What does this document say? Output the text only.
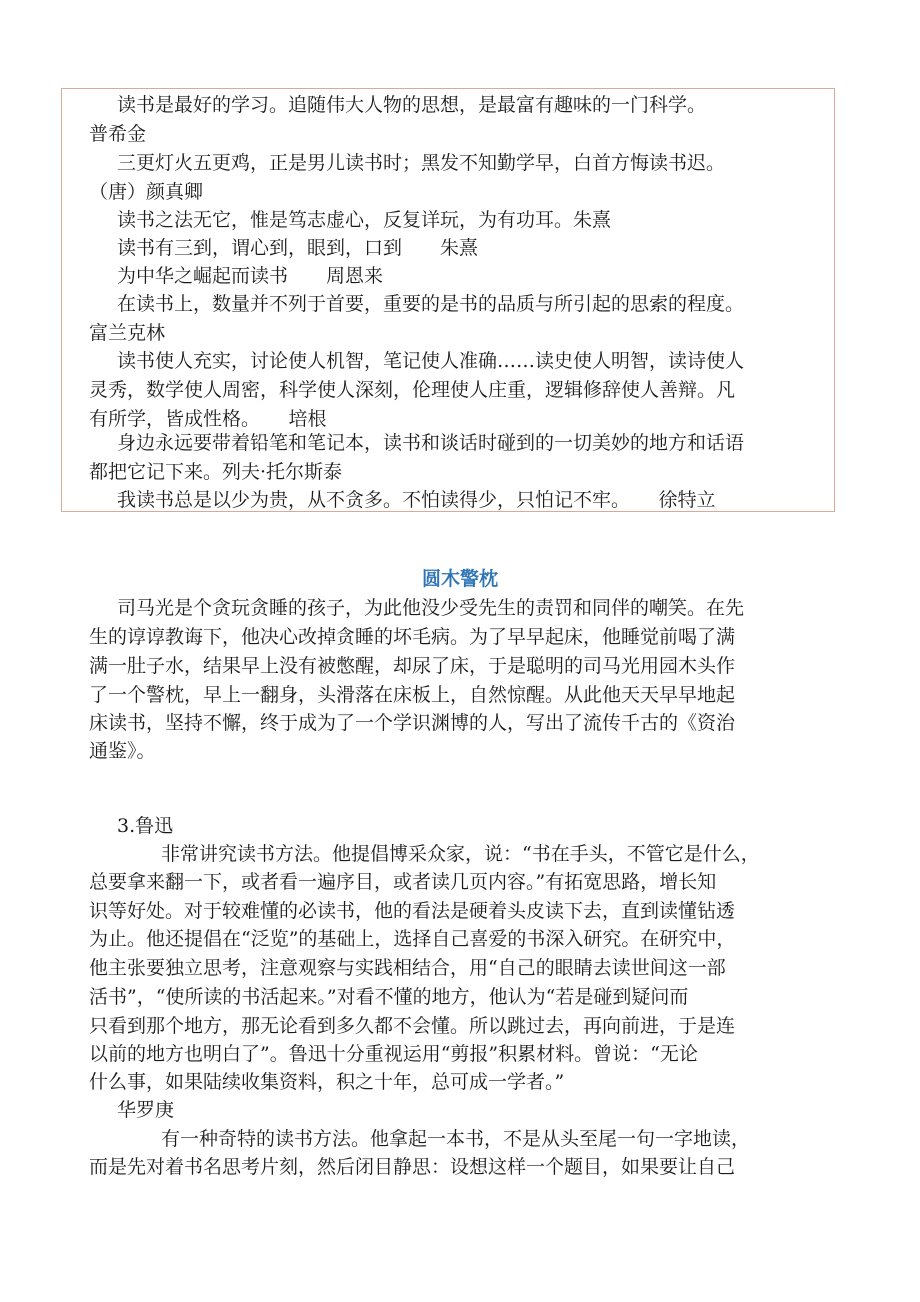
读书是最好的学习。追随伟大人物的思想，是最富有趣味的一门科学。

普希金

三更灯火五更鸡，正是男儿读书时；黑发不知勤学早，白首方悔读书迟。

（唐）颜真卿

读书之法无它，惟是笃志虚心，反复详玩，为有功耳。朱熹

读书有三到，谓心到，眼到，口到　　朱熹

为中华之崛起而读书　　周恩来

在读书上，数量并不列于首要，重要的是书的品质与所引起的思索的程度。

富兰克林

读书使人充实，讨论使人机智，笔记使人准确……读史使人明智，读诗使人

灵秀，数学使人周密，科学使人深刻，伦理使人庄重，逻辑修辞使人善辩。凡

有所学，皆成性格。　　培根

身边永远要带着铅笔和笔记本，读书和谈话时碰到的一切美妙的地方和话语

都把它记下来。列夫·托尔斯泰

我读书总是以少为贵，从不贪多。不怕读得少，只怕记不牢。　　徐特立

圆木警枕

司马光是个贪玩贪睡的孩子，为此他没少受先生的责罚和同伴的嘲笑。在先

生的谆谆教诲下，他决心改掉贪睡的坏毛病。为了早早起床，他睡觉前喝了满

满一肚子水，结果早上没有被憋醒，却尿了床，于是聪明的司马光用园木头作

了一个警枕，早上一翻身，头滑落在床板上，自然惊醒。从此他天天早早地起

床读书，坚持不懈，终于成为了一个学识渊博的人，写出了流传千古的《资治

通鉴》。

3.鲁迅

非常讲究读书方法。他提倡博采众家，说：“书在手头，不管它是什么，

总要拿来翻一下，或者看一遍序目，或者读几页内容。”有拓宽思路，增长知

识等好处。对于较难懂的必读书，他的看法是硬着头皮读下去，直到读懂钻透

为止。他还提倡在“泛览”的基础上，选择自己喜爱的书深入研究。在研究中，

他主张要独立思考，注意观察与实践相结合，用“自己的眼睛去读世间这一部

活书”，“使所读的书活起来。”对看不懂的地方，他认为“若是碰到疑问而

只看到那个地方，那无论看到多久都不会懂。所以跳过去，再向前进，于是连

以前的地方也明白了”。鲁迅十分重视运用“剪报”积累材料。曾说：“无论

什么事，如果陆续收集资料，积之十年，总可成一学者。”

华罗庚

有一种奇特的读书方法。他拿起一本书，不是从头至尾一句一字地读，

而是先对着书名思考片刻，然后闭目静思：设想这样一个题目，如果要让自己
